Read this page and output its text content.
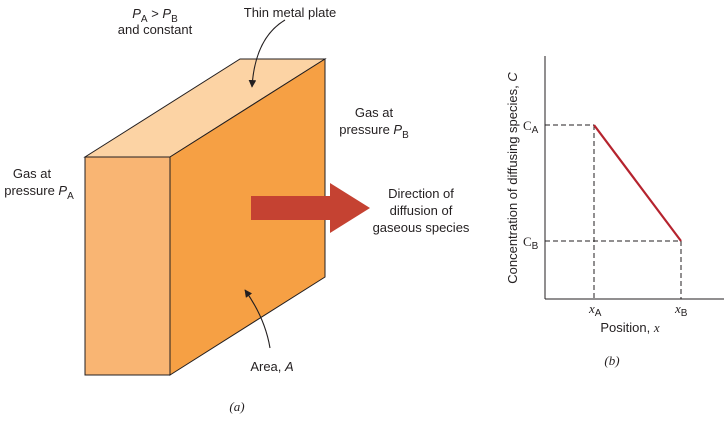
$P_A > P_B$
and constant
Thin metal plate
Gas at
pressure $P_A$
Gas at
pressure $P_B$
Direction of
diffusion of
gaseous species
Area, A
(a)
Concentration of diffusing species, C
$C_A$
$C_B$
$x_A$	$x_B$
Position, x
(b)
